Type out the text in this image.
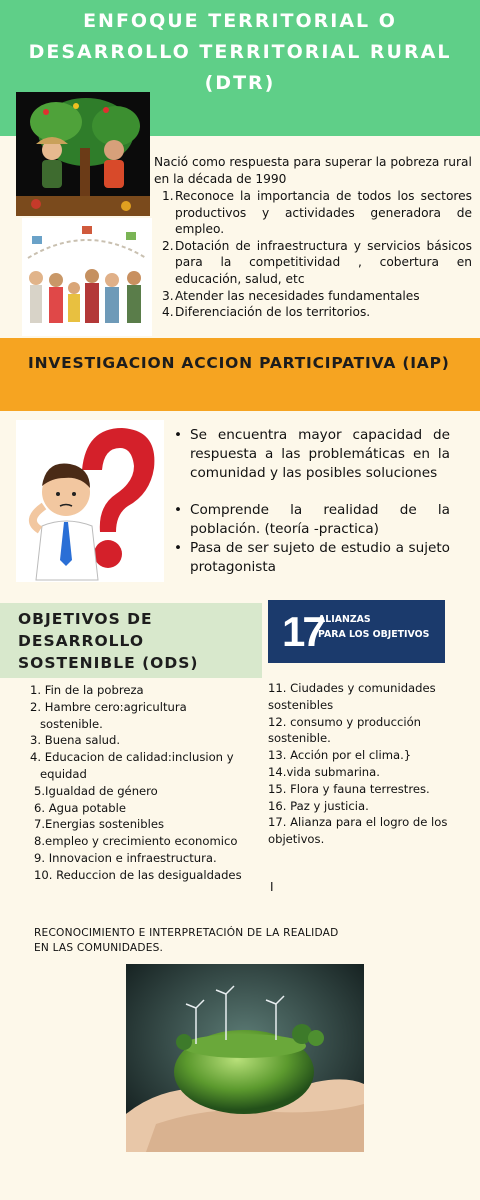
ENFOQUE TERRITORIAL O DESARROLLO TERRITORIAL RURAL (DTR)

Nació como respuesta para superar la pobreza rural en la década de 1990

1. Reconoce la importancia de todos los sectores productivos y actividades generadora de empleo.
2. Dotación de infraestructura y servicios básicos para la competitividad , cobertura en educación, salud, etc
3. Atender las necesidades fundamentales
4. Diferenciación de los territorios.
INVESTIGACION ACCION PARTICIPATIVA (IAP)
• Se encuentra mayor capacidad de respuesta a las problemáticas en la comunidad y las posibles soluciones
• Comprende la realidad de la población. (teoría -practica)
• Pasa de ser sujeto de estudio a sujeto protagonista
OBJETIVOS DE DESARROLLO SOSTENIBLE (ODS)
17
ALIANZAS
PARA LOS OBJETIVOS
1. Fin de la pobreza
2. Hambre cero:agricultura
sostenible.
3. Buena salud.
4. Educacion de calidad:inclusion y
equidad
5.Igualdad de género
6. Agua potable
7.Energias sostenibles
8.empleo y crecimiento economico
9. Innovacion e infraestructura.
10. Reduccion de las desigualdades
11. Ciudades y comunidades sostenibles
12. consumo y producción sostenible.
13. Acción por el clima.}
14.vida submarina.
15. Flora y fauna terrestres.
16. Paz y justicia.
17. Alianza para el logro de los objetivos.
I
RECONOCIMIENTO E INTERPRETACIÓN DE LA REALIDAD
EN LAS COMUNIDADES.
